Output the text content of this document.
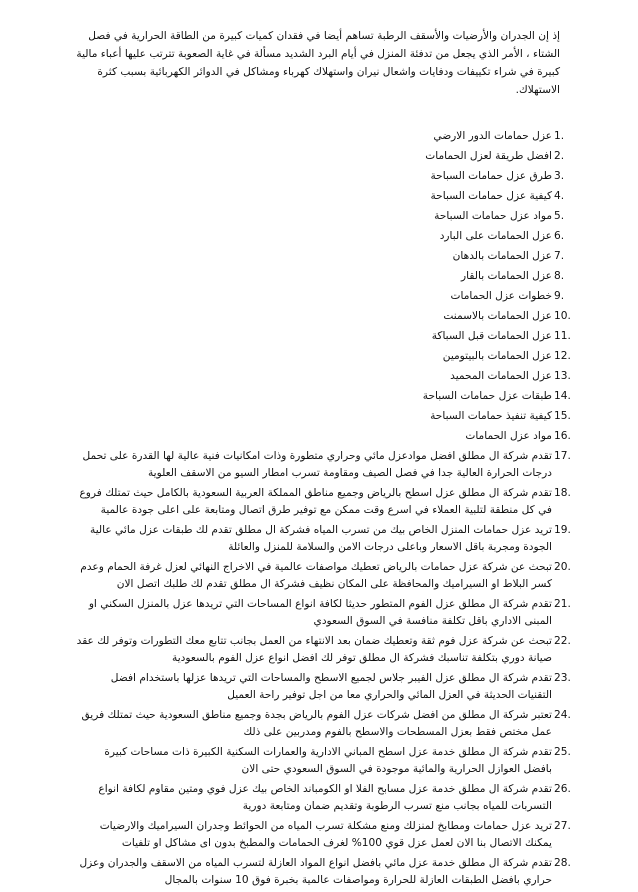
إذ إن الجدران والأرضيات والأسقف الرطبة تساهم أيضا في فقدان كميات كبيرة من الطاقة الحرارية في فصل الشتاء ، الأمر الذي يجعل من تدفئة المنزل في أيام البرد الشديد مسألة في غاية الصعوبة تترتب عليها أعباء مالية كبيرة في شراء تكييفات ودفايات واشعال نيران واستهلاك كهرباء ومشاكل في الدوائر الكهربائية بسبب كثرة الاستهلاك.

1.
عزل حمامات الدور الارضي
2.
افضل طريقة لعزل الحمامات
3.
طرق عزل حمامات السباحة
4.
كيفية عزل حمامات السباحة
5.
مواد عزل حمامات السباحة
6.
عزل الحمامات على البارد
7.
عزل الحمامات بالدهان
8.
عزل الحمامات بالقار
9.
خطوات عزل الحمامات
10.
عزل الحمامات بالاسمنت
11.
عزل الحمامات قبل السباكة
12.
عزل الحمامات بالبيتومين
13.
عزل الحمامات المحميد
14.
طبقات عزل حمامات السباحة
15.
كيفية تنفيذ حمامات السباحة
16.
مواد عزل الحمامات
17.
تقدم شركة ال مطلق افضل موادعزل مائي وحراري متطورة وذات امكانيات فنية عالية لها القدرة على تحمل درجات الحرارة العالية جدا في فصل الصيف ومقاومة تسرب امطار السيو من الاسقف العلوية
18.
تقدم شركة ال مطلق عزل اسطح بالرياض وجميع مناطق المملكة العربية السعودية بالكامل حيث تمتلك فروع في كل منطقة لتلبية العملاء في اسرع وقت ممكن مع توفير طرق اتصال ومتابعة على اعلى جودة عالمية
19.
تريد عزل حمامات المنزل الخاص بيك من تسرب المياه فشركة ال مطلق تقدم لك طبقات عزل مائي عالية الجودة ومجربة باقل الاسعار وباعلى درجات الامن والسلامة للمنزل والعائلة
20.
تبحث عن شركة عزل حمامات بالرياض تعطيك مواصفات عالمية في الاخراج النهائي لعزل غرفة الحمام وعدم كسر البلاط او السيراميك والمحافظة على المكان نظيف فشركة ال مطلق تقدم لك طلبك اتصل الان
21.
تقدم شركة ال مطلق عزل الفوم المتطور حديثا لكافة انواع المساحات التي تريدها عزل بالمنزل السكني او المبنى الاداري باقل تكلفة منافسة في السوق السعودي
22.
تبحث عن شركة عزل فوم ثقة وتعطيك ضمان بعد الانتهاء من العمل بجانب تتابع معك التطورات وتوفر لك عقد صيانة دوري بتكلفة تناسبك فشركة ال مطلق توفر لك افضل انواع عزل الفوم بالسعودية
23.
تقدم شركة ال مطلق عزل الفيبر جلاس لجميع الاسطح والمساحات التي تريدها عزلها باستخدام افضل التقنيات الحديثة في العزل المائي والحراري معا من اجل توفير راحة العميل
24.
تعتبر شركة ال مطلق من افضل شركات عزل الفوم بالرياض بجدة وجميع مناطق السعودية حيث تمتلك فريق عمل مختص فقط بعزل المسطحات والاسطح بالفوم ومدربين على ذلك
25.
تقدم شركة ال مطلق خدمة عزل اسطح المباني الادارية والعمارات السكنية الكبيرة ذات مساحات كبيرة بافضل العوازل الحرارية والمائية موجودة في السوق السعودي حتى الان
26.
تقدم شركة ال مطلق خدمة عزل مسابح الفلا او الكومباند الخاص بيك عزل فوي ومتين مقاوم لكافة انواع التسربات للمياه بجانب منع تسرب الرطوبة وتقديم ضمان ومتابعة دورية
27.
تريد عزل حمامات ومطابخ لمنزلك ومنع مشكلة تسرب المياه من الحوائط وجدران السيراميك والارضيات يمكنك الاتصال بنا الان لعمل عزل قوي 100% لغرف الحمامات والمطبخ بدون اى مشاكل او تلفيات
28.
تقدم شركة ال مطلق خدمة عزل مائي بافضل انواع المواد العازلة لتسرب المياه من الاسقف والجدران وعزل حراري بافضل الطبقات العازلة للحرارة ومواصفات عالمية بخبرة فوق 10 سنوات بالمجال
